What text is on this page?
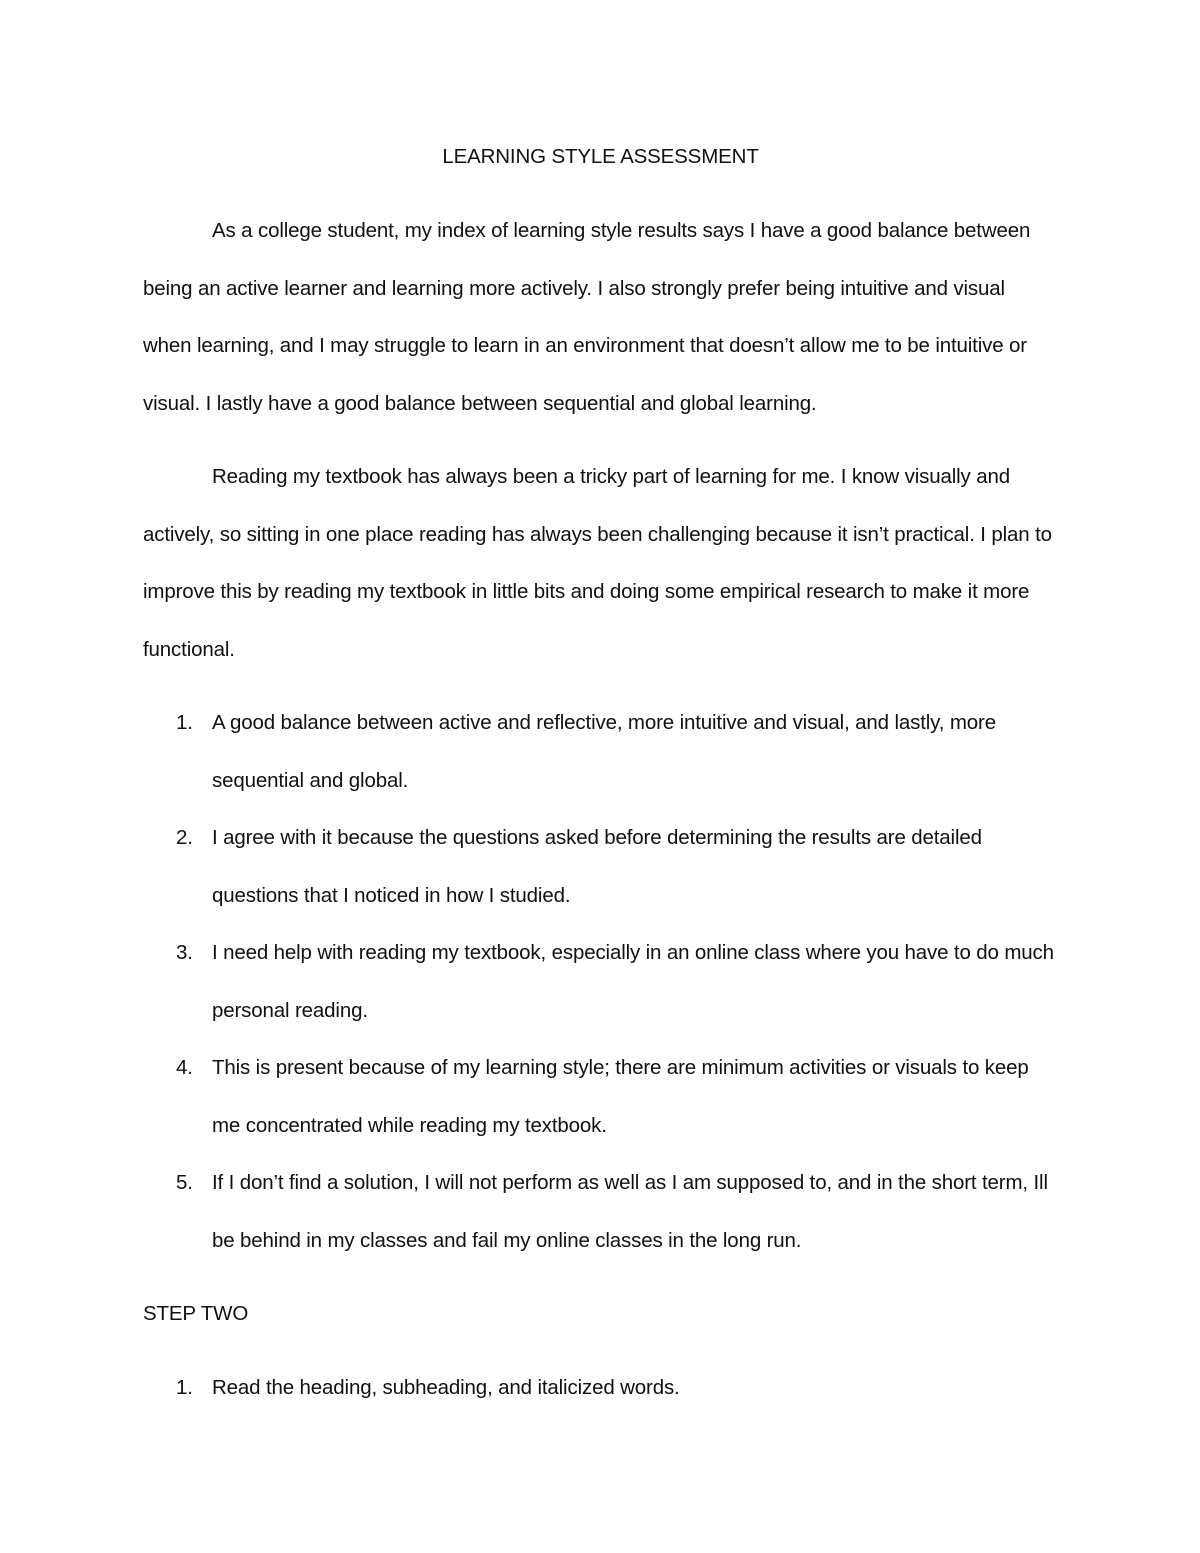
LEARNING STYLE ASSESSMENT

As a college student, my index of learning style results says I have a good balance between being an active learner and learning more actively. I also strongly prefer being intuitive and visual when learning, and I may struggle to learn in an environment that doesn’t allow me to be intuitive or visual. I lastly have a good balance between sequential and global learning.

Reading my textbook has always been a tricky part of learning for me. I know visually and actively, so sitting in one place reading has always been challenging because it isn’t practical. I plan to improve this by reading my textbook in little bits and doing some empirical research to make it more functional.

1. A good balance between active and reflective, more intuitive and visual, and lastly, more sequential and global.
2. I agree with it because the questions asked before determining the results are detailed questions that I noticed in how I studied.
3. I need help with reading my textbook, especially in an online class where you have to do much personal reading.
4. This is present because of my learning style; there are minimum activities or visuals to keep me concentrated while reading my textbook.
5. If I don’t find a solution, I will not perform as well as I am supposed to, and in the short term, Ill be behind in my classes and fail my online classes in the long run.

STEP TWO

1. Read the heading, subheading, and italicized words.
